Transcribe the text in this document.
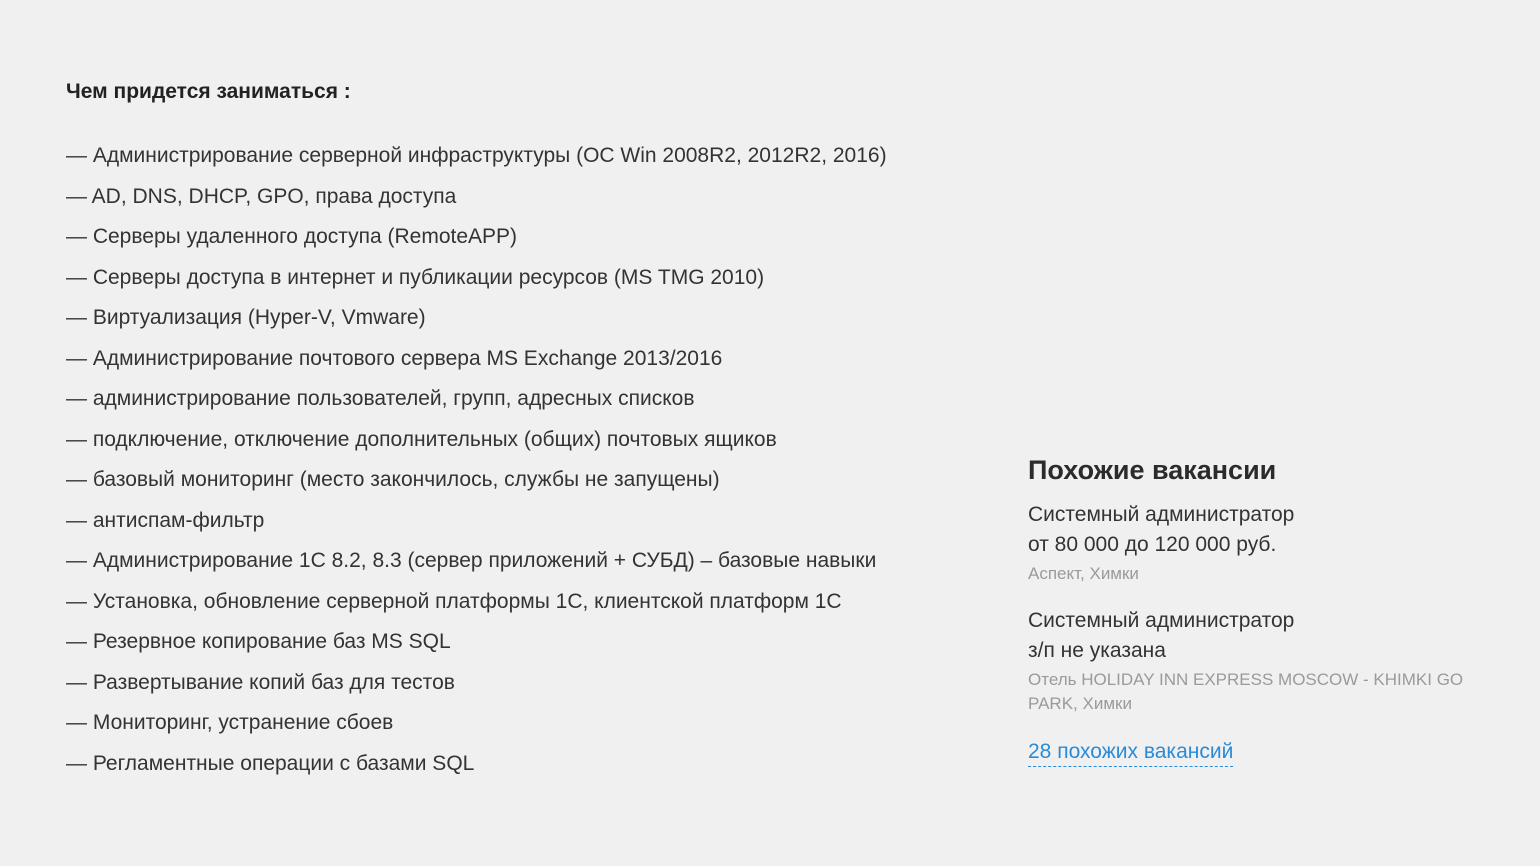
Чем придется заниматься :
— Администрирование серверной инфраструктуры (ОС Win 2008R2, 2012R2, 2016)
— AD, DNS, DHCP, GPO, права доступа
— Серверы удаленного доступа (RemoteAPP)
— Серверы доступа в интернет и публикации ресурсов (MS TMG 2010)
— Виртуализация (Hyper-V, Vmware)
— Администрирование почтового сервера MS Exchange 2013/2016
— администрирование пользователей, групп, адресных списков
— подключение, отключение дополнительных (общих) почтовых ящиков
— базовый мониторинг (место закончилось, службы не запущены)
— антиспам-фильтр
— Администрирование 1С 8.2, 8.3 (сервер приложений + СУБД) – базовые навыки
— Установка, обновление серверной платформы 1С, клиентской платформ 1С
— Резервное копирование баз MS SQL
— Развертывание копий баз для тестов
— Мониторинг, устранение сбоев
— Регламентные операции с базами SQL
Похожие вакансии
Системный администратор
от 80 000 до 120 000 руб.
Аспект, Химки
Системный администратор
з/п не указана
Отель HOLIDAY INN EXPRESS MOSCOW - KHIMKI GO PARK, Химки
28 похожих вакансий
